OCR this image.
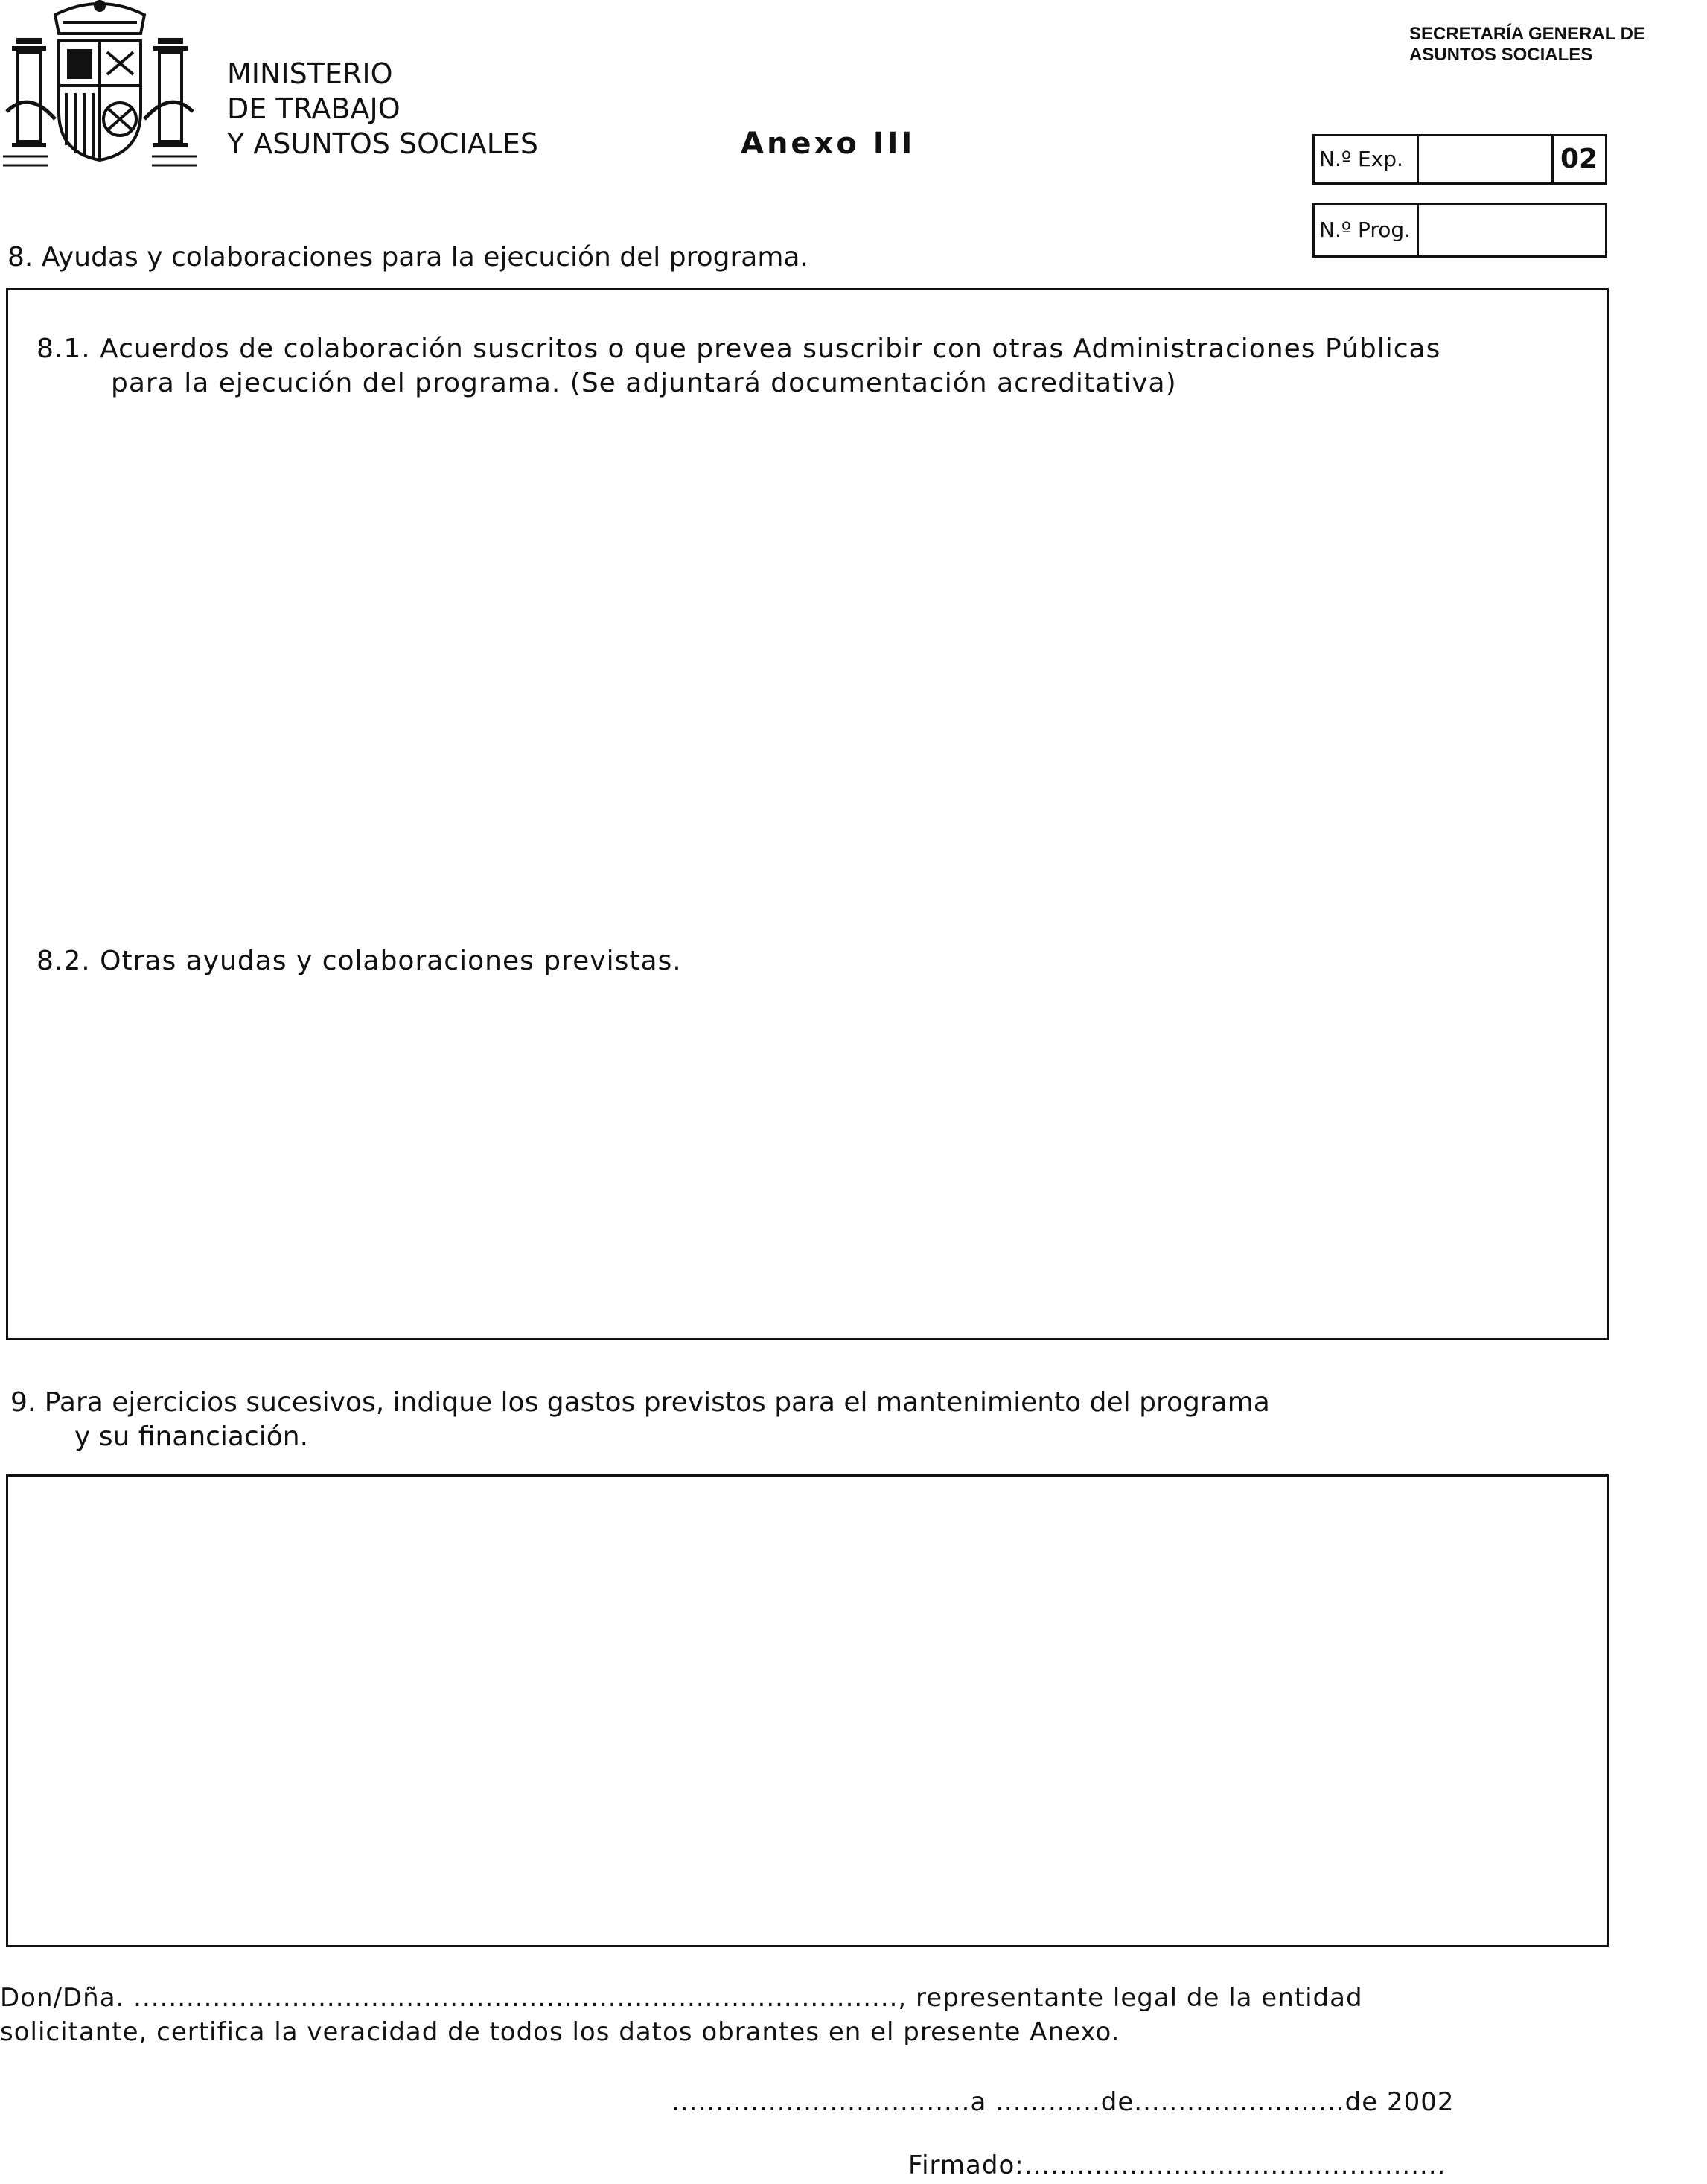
MINISTERIO
DE TRABAJO
Y ASUNTOS SOCIALES
SECRETARÍA GENERAL DE
ASUNTOS SOCIALES
Anexo III	N.º Exp.	02
N.º Prog.
8. Ayudas y colaboraciones para la ejecución del programa.
8.1. Acuerdos de colaboración suscritos o que prevea suscribir con otras Administraciones Públicas
para la ejecución del programa. (Se adjuntará documentación acreditativa)
8.2. Otras ayudas y colaboraciones previstas.
9. Para ejercicios sucesivos, indique los gastos previstos para el mantenimiento del programa
y su financiación.
Don/Dña. ......................................................................................., representante legal de la entidad
solicitante, certifica la veracidad de todos los datos obrantes en el presente Anexo.
..................................a ............de........................de 2002
Firmado:................................................
